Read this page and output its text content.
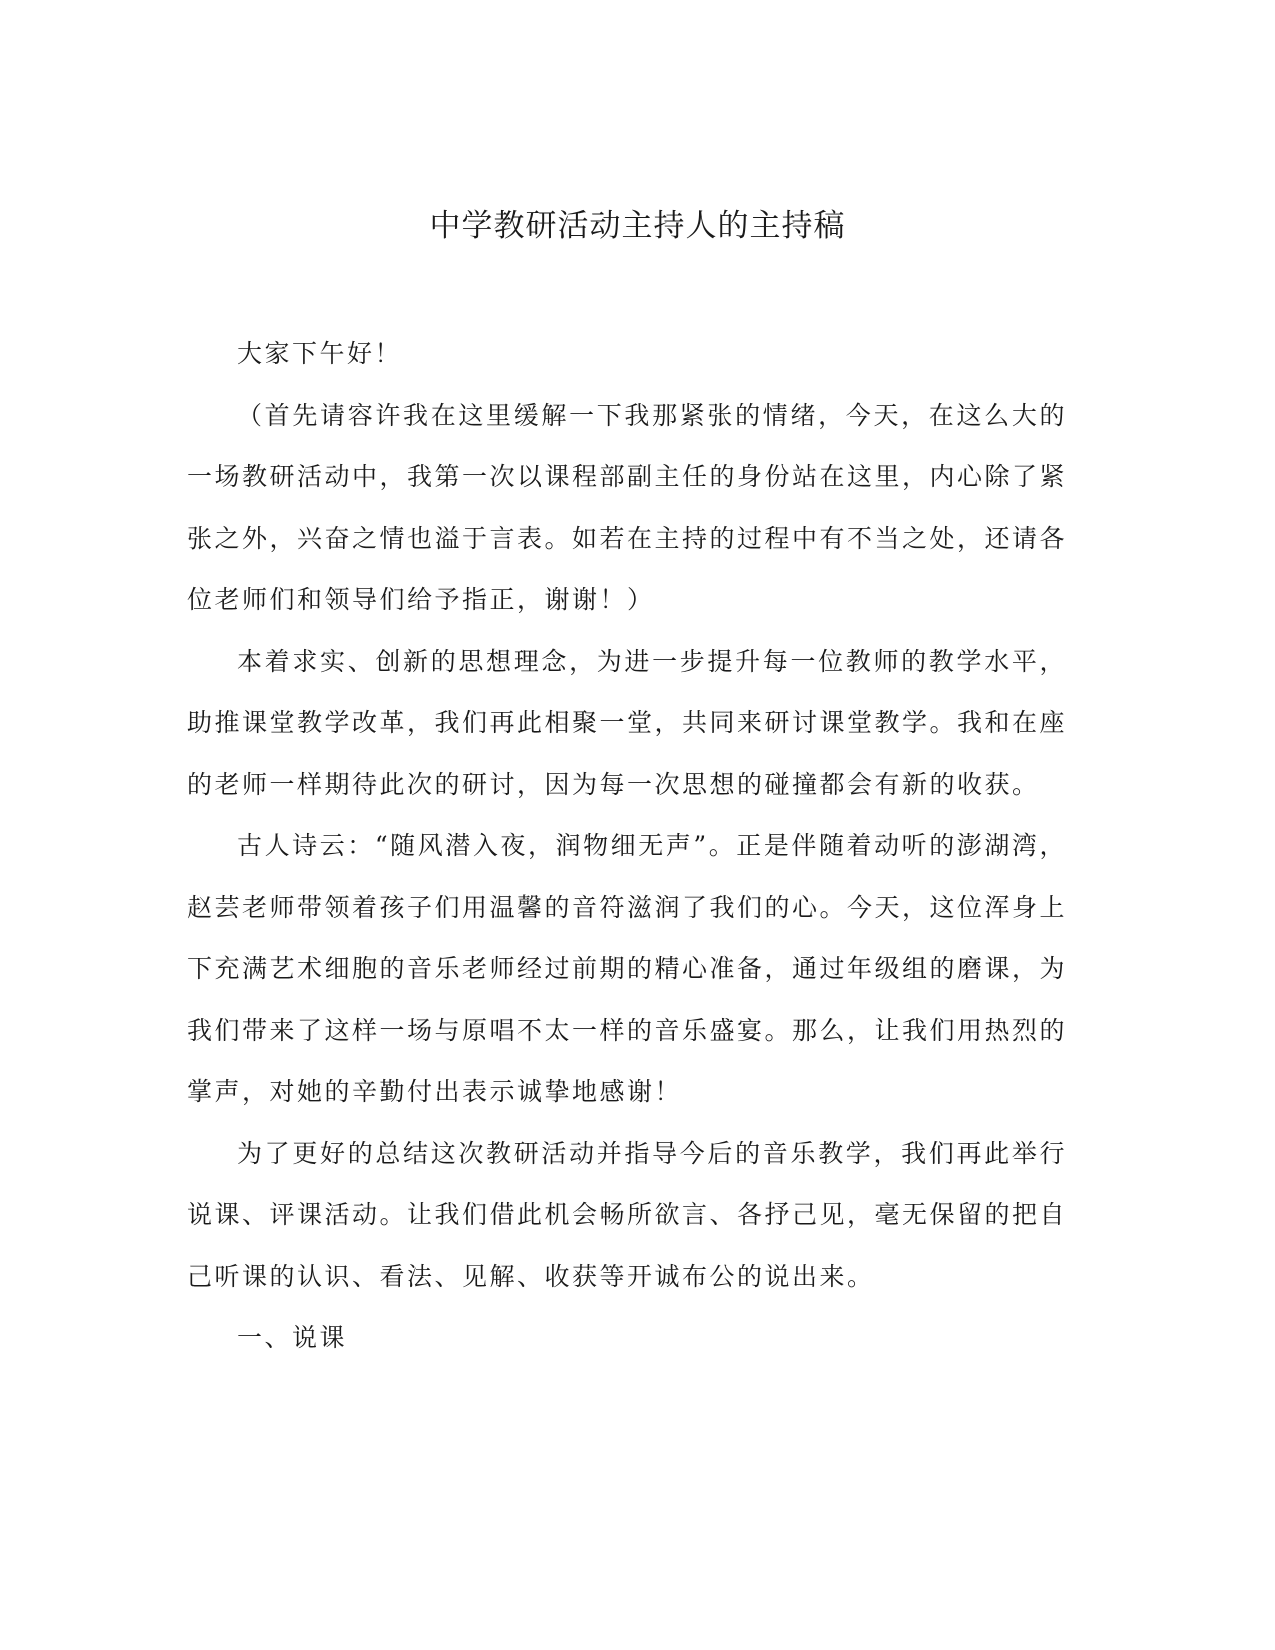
中学教研活动主持人的主持稿

大家下午好！

（首先请容许我在这里缓解一下我那紧张的情绪，今天，在这么大的一场教研活动中，我第一次以课程部副主任的身份站在这里，内心除了紧张之外，兴奋之情也溢于言表。如若在主持的过程中有不当之处，还请各位老师们和领导们给予指正，谢谢！）

本着求实、创新的思想理念，为进一步提升每一位教师的教学水平，助推课堂教学改革，我们再此相聚一堂，共同来研讨课堂教学。我和在座的老师一样期待此次的研讨，因为每一次思想的碰撞都会有新的收获。

古人诗云：“随风潜入夜，润物细无声”。正是伴随着动听的澎湖湾，赵芸老师带领着孩子们用温馨的音符滋润了我们的心。今天，这位浑身上下充满艺术细胞的音乐老师经过前期的精心准备，通过年级组的磨课，为我们带来了这样一场与原唱不太一样的音乐盛宴。那么，让我们用热烈的掌声，对她的辛勤付出表示诚挚地感谢！

为了更好的总结这次教研活动并指导今后的音乐教学，我们再此举行说课、评课活动。让我们借此机会畅所欲言、各抒己见，毫无保留的把自己听课的认识、看法、见解、收获等开诚布公的说出来。

一、说课
